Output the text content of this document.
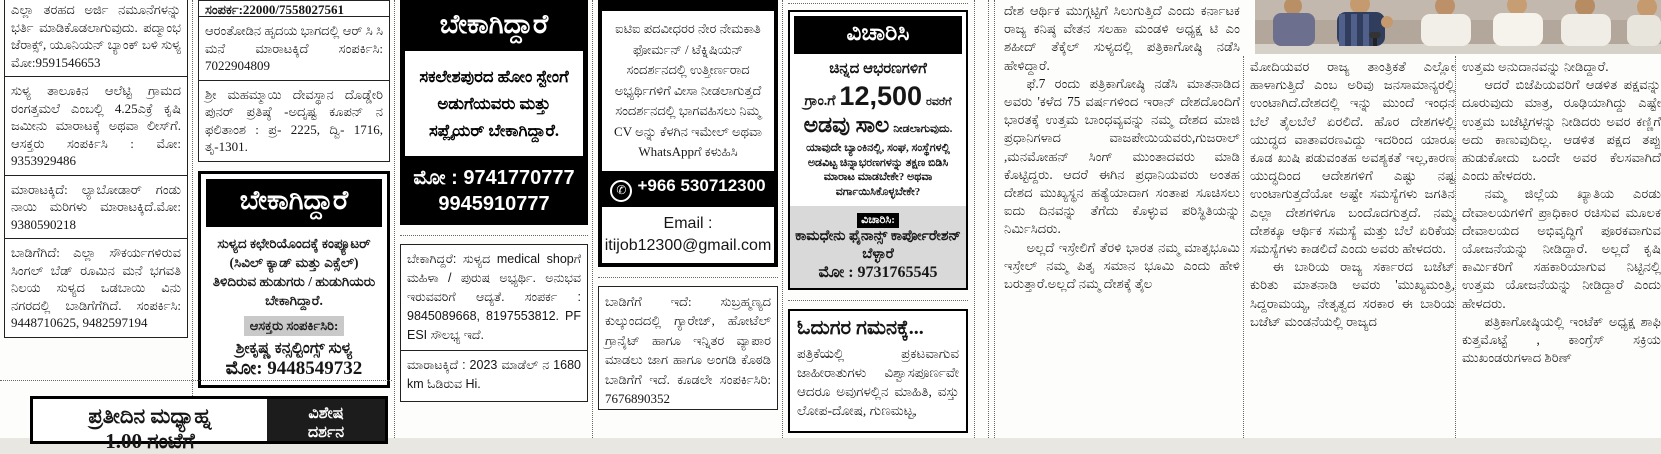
ಎಲ್ಲಾ ತರಹದ ಅರ್ಜಿ ನಮೂನೆಗಳನ್ನು ಭರ್ತಿ ಮಾಡಿಕೊಡಲಾಗುವುದು. ಪದ್ಮಾಂಭ ಜೆರಾಕ್ಸ್, ಯೂನಿಯನ್ ಬ್ಯಾಂಕ್ ಬಳಿ ಸುಳ್ಯ ಮೋ:9591546653
ಸುಳ್ಯ ತಾಲೂಕಿನ ಆಲೆಟ್ಟಿ ಗ್ರಾಮದ ರಂಗತ್ತಮಲೆ ಎಂಬಲ್ಲಿ 4.25ಎಕ್ರೆ ಕೃಷಿ ಜಮೀನು ಮಾರಾಟಕ್ಕೆ ಅಥವಾ ಲೀಸ್‌ಗೆ. ಆಸಕ್ತರು ಸಂಪರ್ಕಿಸಿ : ಮೋ: 9353929486
ಮಾರಾಟಕ್ಕಿದೆ: ಲ್ಯಾಬೋಡಾರ್ ಗಂಡು ನಾಯಿ ಮರಿಗಳು ಮಾರಾಟಕ್ಕಿದೆ.ಮೋ: 9380590218
ಬಾಡಿಗೆಗಿದೆ: ಎಲ್ಲಾ ಸೌಕರ್ಯಗಳಿರುವ ಸಿಂಗಲ್ ಬೆಡ್ ರೂಮಿನ ಮನೆ ಭಗವತಿ ನಿಲಯ ಸುಳ್ಯದ ಒಡಬಾಯಿ ವಿನು ನಗರದಲ್ಲಿ ಬಾಡಿಗೆಗೆಗಿದೆ. ಸಂಪರ್ಕಿಸಿ: 9448710625, 9482597194
ಸಂಪರ್ಕ:22000/7558027561
ಆರಂತೋಡಿನ ಹೃದಯ ಭಾಗದಲ್ಲಿ ಆರ್ ಸಿ ಸಿ ಮನೆ ಮಾರಾಟಕ್ಕಿದೆ ಸಂಪರ್ಕಿಸಿ: 7022904809
ಶ್ರೀ ಮಹಮ್ಮಾಯಿ ದೇವಸ್ಥಾನ ದೊಡ್ಡೇರಿ ಪುನರ್ ಪ್ರತಿಷ್ಠೆ -ಅದೃಷ್ಟ ಕೂಪನ್ ನ ಫಲಿತಾಂಶ : ಪ್ರ- 2225, ದ್ವಿ- 1716, ತೃ-1301.
ಬೇಕಾಗಿದ್ದಾರೆ
ಸುಳ್ಯದ ಕಛೇರಿಯೊಂದಕ್ಕೆ ಕಂಪ್ಯೂಟರ್ (ಸಿವಿಲ್ ಕ್ಯಾಡ್ ಮತ್ತು ಎಕ್ಸೆಲ್) ತಿಳಿದಿರುವ ಹುಡುಗರು / ಹುಡುಗಿಯರು ಬೇಕಾಗಿದ್ದಾರೆ.
ಆಸಕ್ತರು ಸಂಪರ್ಕಿಸಿರಿ:
ಶ್ರೀಕೃಷ್ಣ ಕನ್ಸಲ್ಟಿಂಗ್ಸ್ ಸುಳ್ಯ
ಮೋ: 9448549732
ಪ್ರತೀದಿನ ಮಧ್ಯಾಹ್ನ
1.00 ಗಂಟೆಗೆ
ವಿಶೇಷ
ದರ್ಶನ
ಬೇಕಾಗಿದ್ದಾರೆ
ಸಕಲೇಶಪುರದ ಹೋಂ ಸ್ಟೇಂಗೆ ಅಡುಗೆಯವರು ಮತ್ತು ಸಪ್ಲೈಯರ್ ಬೇಕಾಗಿದ್ದಾರೆ.
ಮೋ : 9741770777
9945910777
ಬೇಕಾಗಿದ್ದರೆ: ಸುಳ್ಯದ medical shopಗೆ ಮಹಿಳಾ / ಪುರುಷ ಅಭ್ಯರ್ಥಿ. ಅನುಭವ ಇರುವವರಿಗೆ ಆದ್ಯತೆ. ಸಂಪರ್ಕ : 9845089668, 8197553812. PF ESI ಸೌಲಭ್ಯ ಇದೆ.
ಮಾರಾಟಕ್ಕಿದೆ : 2023 ಮಾಡೆಲ್ ನ 1680 km ಓಡಿರುವ Hi.
ಐಟಿಐ ಪದವೀಧರರ ನೇರ ನೇಮಕಾತಿ ಫೋರ್ಮನ್ / ಟೆಕ್ನಿಷಿಯನ್ ಸಂದರ್ಶನದಲ್ಲಿ ಉತ್ತೀರ್ಣರಾದ ಅಭ್ಯರ್ಥಿಗಳಿಗೆ ವೀಸಾ ನೀಡಲಾಗುತ್ತದೆ ಸಂದರ್ಶನದಲ್ಲಿ ಭಾಗವಹಿಸಲು ನಿಮ್ಮ CV ಅನ್ನು ಕೆಳಗಿನ ಇಮೇಲ್ ಅಥವಾ WhatsAppಗೆ ಕಳುಹಿಸಿ
✆ +966 530712300
Email :
itijob12300@gmail.com
ಬಾಡಿಗೆಗೆ ಇದೆ: ಸುಬ್ರಹ್ಮಣ್ಯದ ಕುಲ್ಕುಂದದಲ್ಲಿ ಗ್ಯಾರೇಜ್, ಹೋಟೆಲ್ ಗ್ರಾನೈಟ್ ಹಾಗೂ ಇನ್ನಿತರ ವ್ಯಾಪಾರ ಮಾಡಲು ಜಾಗ ಹಾಗೂ ಅಂಗಡಿ ಕೊಠಡಿ ಬಾಡಿಗೆಗೆ ಇದೆ. ಕೂಡಲೇ ಸಂಪರ್ಕಿಸಿರಿ: 7676890352
ವಿಚಾರಿಸಿ
ಚಿನ್ನದ ಆಭರಣಗಳಿಗೆ
ಗ್ರಾಂ.ಗೆ 12,500 ರವರೆಗೆ
ಅಡವು ಸಾಲ ನೀಡಲಾಗುವುದು.
ಯಾವುದೇ ಬ್ಯಾಂಕಿನಲ್ಲಿ, ಸಂಘ, ಸಂಸ್ಥೆಗಳಲ್ಲಿ ಅಡವಿಟ್ಟ ಚಿನ್ನಾಭರಣಗಳನ್ನು ತಕ್ಷಣ ಬಿಡಿಸಿ ಮಾರಾಟ ಮಾಡಬೇಕೇ? ಅಥವಾ ವರ್ಗಾಯಿಸಿಕೊಳ್ಳಬೇಕೇ?
ವಿಚಾರಿಸಿ:
ಕಾಮಧೇನು ಫೈನಾನ್ಸ್ ಕಾರ್ಪೋರೇಶನ್ ಬೆಳ್ಳಾರೆ
ಮೋ : 9731765545
ಓದುಗರ ಗಮನಕ್ಕೆ...
ಪತ್ರಿಕೆಯಲ್ಲಿ ಪ್ರಕಟವಾಗುವ ಜಾಹೀರಾತುಗಳು ವಿಶ್ವಾಸಪೂರ್ಣವೇ ಆದರೂ ಅವುಗಳಲ್ಲಿನ ಮಾಹಿತಿ, ವಸ್ತು ಲೋಪ-ದೋಷ, ಗುಣಮಟ್ಟ,

ದೇಶ ಆರ್ಥಿಕ ಮುಗ್ಗಟ್ಟಿಗೆ ಸಿಲುಗುತ್ತಿದೆ ಎಂದು ಕರ್ನಾಟಕ ರಾಜ್ಯ ಕನಿಷ್ಠ ವೇತನ ಸಲಹಾ ಮಂಡಳಿ ಅಧ್ಯಕ್ಷ ಟಿ ಎಂ ಶಹೀದ್ ತೆಕ್ಕೆಲ್ ಸುಳ್ಯದಲ್ಲಿ ಪತ್ರಿಕಾಗೋಷ್ಠಿ ನಡೆಸಿ ಹೇಳಿದ್ದಾರೆ.

ಫೆ.7 ರಂದು ಪತ್ರಿಕಾಗೋಷ್ಠಿ ನಡೆಸಿ ಮಾತನಾಡಿದ ಅವರು 'ಕಳೆದ 75 ವರ್ಷಗಳಿಂದ ಇರಾನ್ ದೇಶದೊಂದಿಗೆ ಭಾರತಕ್ಕೆ ಉತ್ತಮ ಬಾಂಧವ್ಯವನ್ನು ನಮ್ಮ ದೇಶದ ಮಾಜಿ ಪ್ರಧಾನಿಗಳಾದ ವಾಜಪೇಯಿಯವರು,ಗುಜರಾಲ್ ,ಮನಮೋಹನ್ ಸಿಂಗ್ ಮುಂತಾದವರು ಮಾಡಿ ಕೊಟ್ಟಿದ್ದರು. ಆದರೆ ಈಗಿನ ಪ್ರಧಾನಿಯವರು ಅಂತಹ ದೇಶದ ಮುಖ್ಯಸ್ಥನ ಹತ್ಯೆಯಾದಾಗ ಸಂತಾಪ ಸೂಚಿಸಲು ಐದು ದಿನವನ್ನು ತೆಗೆದು ಕೊಳ್ಳುವ ಪರಿಸ್ಥಿತಿಯನ್ನು ನಿರ್ಮಿಸಿದರು.

ಅಲ್ಲದೆ ಇಸ್ರೇಲಿಗೆ ತೆರಳಿ ಭಾರತ ನಮ್ಮ ಮಾತೃಭೂಮಿ ಇಸ್ರೇಲ್ ನಮ್ಮ ಪಿತೃ ಸಮಾನ ಭೂಮಿ ಎಂದು ಹೇಳಿ ಬರುತ್ತಾರೆ.ಅಲ್ಲದೆ ನಮ್ಮ ದೇಶಕ್ಕೆ ತೈಲ

ಮೋದಿಯವರ ರಾಜ್ಯ ತಾಂತ್ರಿಕತೆ ಎಲ್ಲೋ ಹಾಳಾಗುತ್ತಿದೆ ಎಂಬ ಅರಿವು ಜನಸಾಮಾನ್ಯರಲ್ಲಿ ಉಂಟಾಗಿದೆ.ದೇಶದಲ್ಲಿ ಇನ್ನು ಮುಂದೆ ಇಂಧನ ಬೆಲೆ ತೈಲಬೆಲೆ ಏರಲಿದೆ. ಹೊರ ದೇಶಗಳಲ್ಲಿ ಯುದ್ಧದ ವಾತಾವರಣವಿದ್ದು ಇದರಿಂದ ಯಾರೂ ಕೂಡ ಖುಷಿ ಪಡುವಂತಹ ಅವಶ್ಯಕತೆ ಇಲ್ಲ,ಕಾರಣ ಯುದ್ಧದಿಂದ ಆದೇಶಗಳಿಗೆ ಎಷ್ಟು ನಷ್ಟ ಉಂಟಾಗುತ್ತದೆಯೋ ಅಷ್ಟೇ ಸಮಸ್ಯೆಗಳು ಜಗತಿನ ಎಲ್ಲಾ ದೇಶಗಳಿಗೂ ಬಂದೊದಗುತ್ತದೆ. ನಮ್ಮ ದೇಶಕ್ಕೂ ಆರ್ಥಿಕ ಸಮಸ್ಯೆ ಮತ್ತು ಬೆಲೆ ಏರಿಕೆಯ ಸಮಸ್ಯೆಗಳು ಕಾಡಲಿದೆ ಎಂದು ಅವರು ಹೇಳದರು.

ಈ ಬಾರಿಯ ರಾಜ್ಯ ಸರ್ಕಾರದ ಬಜೆಟ್ ಕುರಿತು ಮಾತನಾಡಿ ಅವರು 'ಮುಖ್ಯಮಂತ್ರಿ, ಸಿದ್ದರಾಮಯ್ಯ, ನೇತೃತ್ವದ ಸರಕಾರ ಈ ಬಾರಿಯ ಬಜೆಟ್ ಮಂಡನೆಯಲ್ಲಿ ರಾಜ್ಯದ

ಉತ್ತಮ ಅನುದಾನವನ್ನು ನೀಡಿದ್ದಾರೆ.

ಆದರೆ ಬಿಜೆಪಿಯವರಿಗೆ ಆಡಳಿತ ಪಕ್ಷವನ್ನು ದೂರುವುದು ಮಾತ್ರ, ರೂಢಿಯಾಗಿದ್ದು ಎಷ್ಟೇ ಉತ್ತಮ ಬಜೆಟ್ಟಿಗಳನ್ನು ನೀಡಿದರು ಅವರ ಕಣ್ಣಿಗೆ ಅದು ಕಾಣುವುದಿಲ್ಲ. ಆಡಳಿತ ಪಕ್ಷದ ತಪ್ಪು ಹುಡುಕೋದು ಒಂದೇ ಅವರ ಕೆಲಸವಾಗಿದೆ ಎಂದು ಹೇಳದರು.

ನಮ್ಮ ಜಿಲ್ಲೆಯ ಖ್ಯಾತಿಯ ಎರಡು ದೇವಾಲಯಗಳಿಗೆ ಪ್ರಾಧಿಕಾರ ರಚಿಸುವ ಮೂಲಕ ದೇವಾಲಯದ ಅಭಿವೃದ್ಧಿಗೆ ಪೂರಕವಾಗುವ ಯೋಜನೆಯನ್ನು ನೀಡಿದ್ದಾರೆ. ಅಲ್ಲದೆ ಕೃಷಿ ಕಾರ್ಮಿಕರಿಗೆ ಸಹಕಾರಿಯಾಗುವ ನಿಟ್ಟಿನಲ್ಲಿ ಉತ್ತಮ ಯೋಜನೆಯನ್ನು ನೀಡಿದ್ದಾರೆ ಎಂದು ಹೇಳದರು.

ಪತ್ರಿಕಾಗೋಷ್ಠಿಯಲ್ಲಿ ಇಂಟೆಕ್ ಅಧ್ಯಕ್ಷ ಶಾಫಿ ಕುತ್ತಮೊಟ್ಟೆ , ಕಾಂಗ್ರೆಸ್ ಸಕ್ರಿಯ ಮುಖಂಡರುಗಳಾದ ಶಿರಿಣ್
